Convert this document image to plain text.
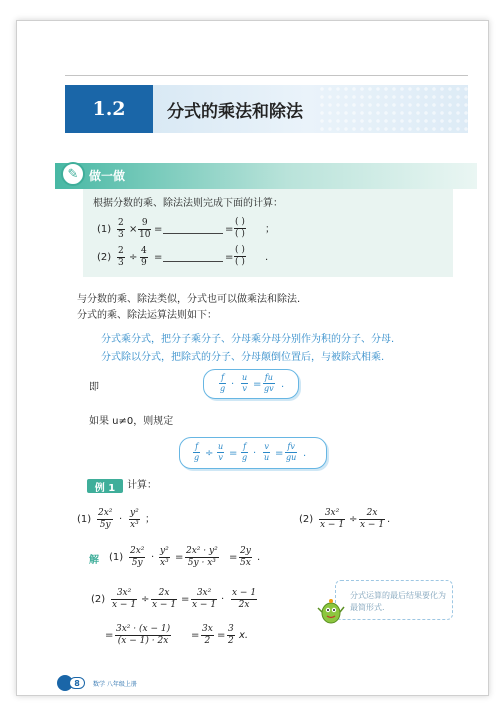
1.2	分式的乘法和除法
✎ 做一做
根据分数的乘、除法法则完成下面的计算：
(1)
2
3 ×
9
10 =	=
( )
( ) ；
(2)
2
3 ÷
4
9 =	=
( )
( ) .
与分数的乘、除法类似，分式也可以做乘法和除法.
分式的乘、除法运算法则如下：
分式乘分式，把分子乘分子、分母乘分母分别作为积的分子、分母.
分式除以分式，把除式的分子、分母颠倒位置后，与被除式相乘.
即
f
g ·
u
v =
fu
gv .
如果 u≠0，则规定
f
g ÷
u
v =
f
g ·
v
u =
fv
gu .
例 1	计算：
(1)
2x²
5y ·
y²
x³ ；	(2)
3x²
x − 1 ÷
2x
x − 1 .
解 (1)
2x²
5y ·
y²
x³ =
2x² · y²
5y · x³ =
2y
5x .
(2)
3x²
x − 1 ÷
2x
x − 1 =
3x²
x − 1 ·
x − 1
2x
=
3x² · (x − 1)
(x − 1) · 2x =
3x
2 =
3
2 x.
分式运算的最后结果要化为最简形式.
8	数学 八年级上册
